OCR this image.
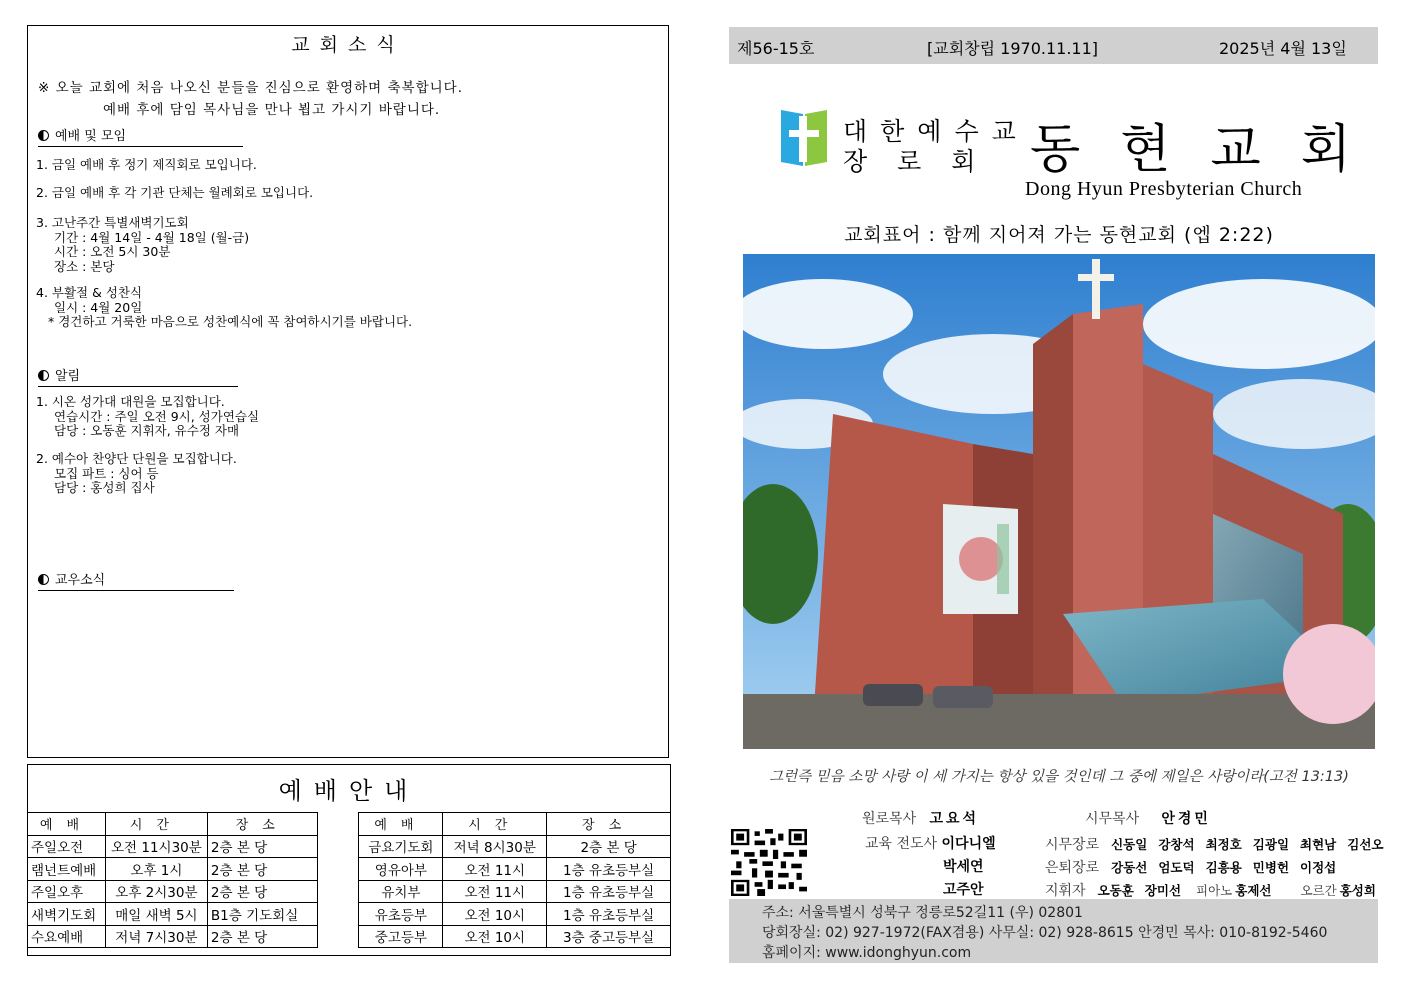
교회소식
※ 오늘 교회에 처음 나오신 분들을 진심으로 환영하며 축복합니다.
예배 후에 담임 목사님을 만나 뵙고 가시기 바랍니다.
예배 및 모임
1. 금일 예배 후 정기 제직회로 모입니다.
2. 금일 예배 후 각 기관 단체는 월례회로 모입니다.
3. 고난주간 특별새벽기도회
기간 : 4월 14일 - 4월 18일 (월-금)
시간 : 오전 5시 30분
장소 : 본당
4. 부활절 & 성찬식
일시 : 4월 20일
* 경건하고 거룩한 마음으로 성찬예식에 꼭 참여하시기를 바랍니다.
알림
1. 시온 성가대 대원을 모집합니다.
연습시간 : 주일 오전 9시, 성가연습실
담당 : 오동훈 지휘자, 유수정 자매
2. 예수아 찬양단 단원을 모집합니다.
모집 파트 : 싱어 등
담당 : 홍성희 집사
교우소식
예배안내
예배	시간	장소		예배	시간	장소
주일오전	오전 11시30분	2층 본 당		금요기도회	저녁 8시30분	2층 본 당
램넌트예배	오후 1시	2층 본 당		영유아부	오전 11시	1층 유초등부실
주일오후	오후 2시30분	2층 본 당		유치부	오전 11시	1층 유초등부실
새벽기도회	매일 새벽 5시	B1층 기도회실		유초등부	오전 10시	1층 유초등부실
수요예배	저녁 7시30분	2층 본 당		중고등부	오전 10시	3층 중고등부실
제56-15호	[교회창립 1970.11.11]	2025년 4월 13일
대한예수교
장로회 동현교회
Dong Hyun Presbyterian Church
교회표어 : 함께 지어져 가는 동현교회 (엡 2:22)
그런즉 믿음 소망 사랑 이 세 가지는 항상 있을 것인데 그 중에 제일은 사랑이라(고전 13:13)
원로목사 고요석	시무목사 안경민
교육 전도사 이다니엘
박세연
고주안
시무장로 신동일 강창석 최정호 김광일 최현남 김선오
은퇴장로 강동선 엄도덕 김흥용 민병헌 이정섭
지휘자 오동훈 장미선 피아노 홍제선 오르간 홍성희
주소: 서울특별시 성북구 정릉로52길11 (우) 02801
당회장실: 02) 927-1972(FAX겸용) 사무실: 02) 928-8615 안경민 목사: 010-8192-5460
홈페이지: www.idonghyun.com
